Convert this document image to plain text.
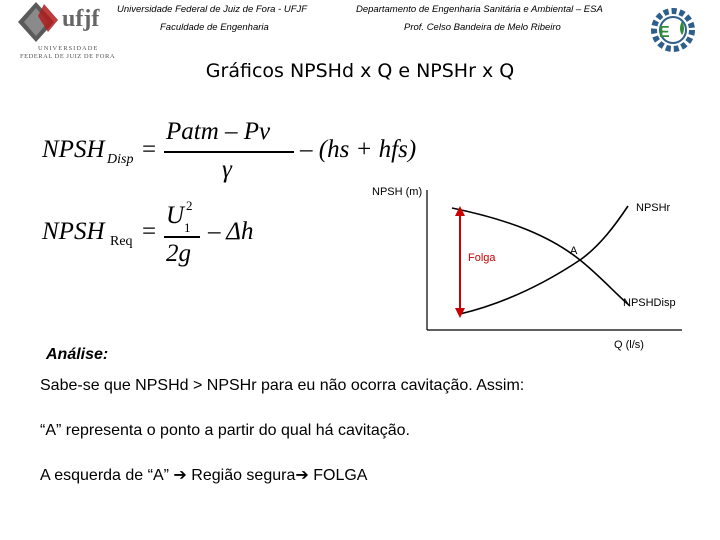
ufjf
UNIVERSIDADE
FEDERAL DE JUIZ DE FORA
Universidade Federal de Juiz de Fora - UFJF
Faculdade de Engenharia
Departamento de Engenharia Sanitária e Ambiental – ESA
Prof. Celso Bandeira de Melo Ribeiro	E
Gráficos NPSHd x Q e NPSHr x Q
NPSH Disp =
Patm – Pv
γ
– (hs + hfs)
NPSH Req =
U 1
2
2g
– Δh
NPSH (m)
NPSHr
NPSHDisp
A
Folga
Q (l/s)
Análise:
Sabe-se que NPSHd > NPSHr para eu não ocorra cavitação. Assim:
“A” representa o ponto a partir do qual há cavitação.
A esquerda de “A” ➔ Região segura➔ FOLGA
